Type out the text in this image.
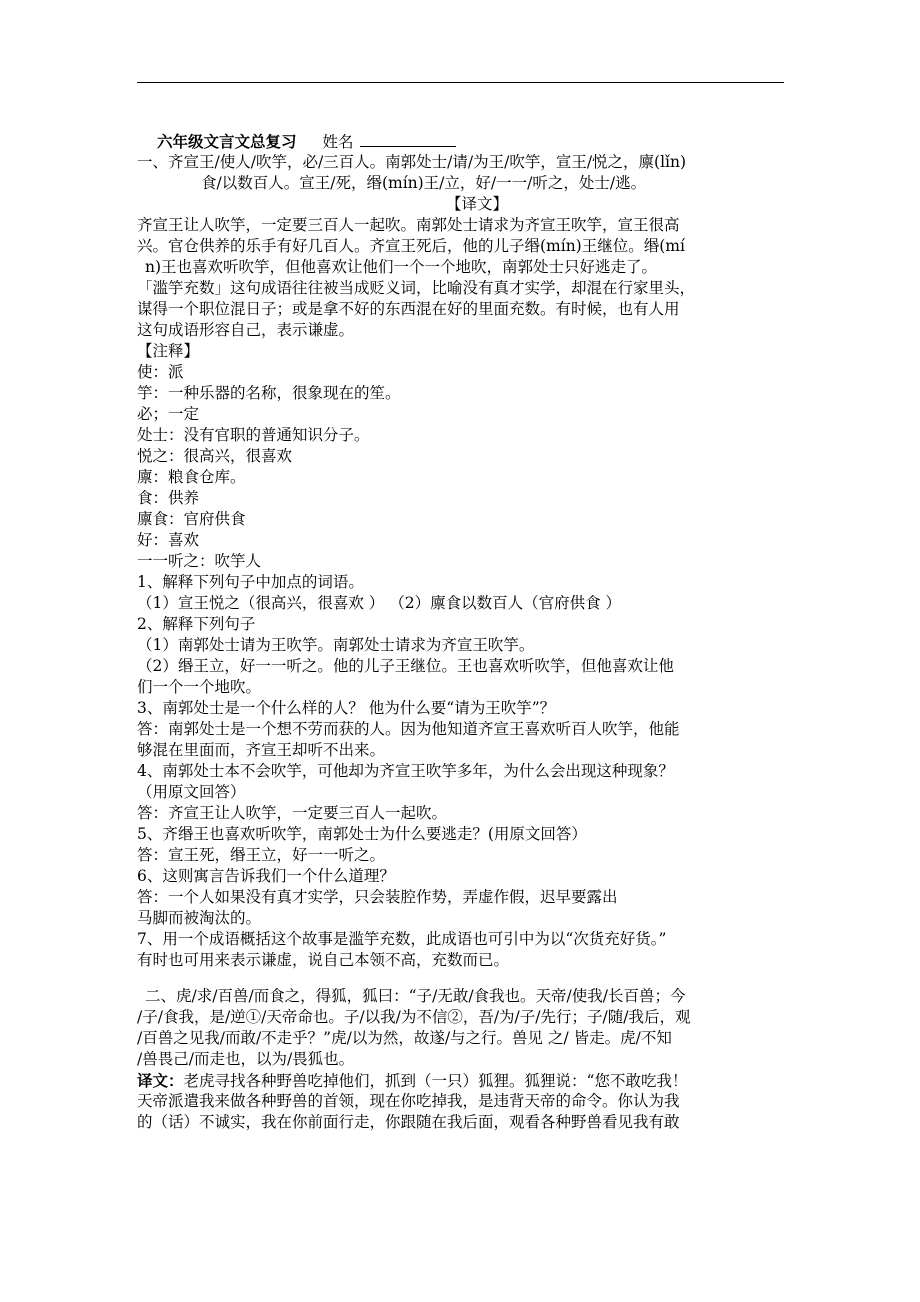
六年级文言文总复习 姓名
一、齐宣王/使人/吹竽，必/三百人。南郭处士/请/为王/吹竽，宣王/悦之，廪(lǐn)
食/以数百人。宣王/死，缗(mín)王/立，好/一一/听之，处士/逃。
【译文】
齐宣王让人吹竽，一定要三百人一起吹。南郭处士请求为齐宣王吹竽，宣王很高
兴。官仓供养的乐手有好几百人。齐宣王死后，他的儿子缗(mín)王继位。缗(mí
n)王也喜欢听吹竽，但他喜欢让他们一个一个地吹，南郭处士只好逃走了。
「滥竽充数」这句成语往往被当成贬义词，比喻没有真才实学，却混在行家里头，
谋得一个职位混日子；或是拿不好的东西混在好的里面充数。有时候，也有人用
这句成语形容自己，表示谦虚。
【注释】
使：派
竽：一种乐器的名称，很象现在的笙。
必；一定
处士：没有官职的普通知识分子。
悦之：很高兴，很喜欢
廪：粮食仓库。
食：供养
廪食：官府供食
好：喜欢
一一听之：吹竽人
1、解释下列句子中加点的词语。
（1）宣王悦之（很高兴，很喜欢 ） （2）廪食以数百人（官府供食 ）
2、解释下列句子
（1）南郭处士请为王吹竽。南郭处士请求为齐宣王吹竽。
（2）缗王立，好一一听之。他的儿子王继位。王也喜欢听吹竽，但他喜欢让他
们一个一个地吹。
3、南郭处士是一个什么样的人？ 他为什么要“请为王吹竽”？
答：南郭处士是一个想不劳而获的人。因为他知道齐宣王喜欢听百人吹竽，他能
够混在里面而，齐宣王却听不出来。
4、南郭处士本不会吹竽，可他却为齐宣王吹竽多年，为什么会出现这种现象？
（用原文回答）
答：齐宣王让人吹竽，一定要三百人一起吹。
5、齐缗王也喜欢听吹竽，南郭处士为什么要逃走？(用原文回答）
答：宣王死，缗王立，好一一听之。
6、这则寓言告诉我们一个什么道理？
答：一个人如果没有真才实学，只会装腔作势，弄虚作假，迟早要露出
马脚而被淘汰的。
7、用一个成语概括这个故事是滥竽充数，此成语也可引中为以“次货充好货。”
有时也可用来表示谦虚，说自己本领不高，充数而已。
二、虎/求/百兽/而食之，得狐，狐曰：“子/无敢/食我也。天帝/使我/长百兽；今
/子/食我，是/逆①/天帝命也。子/以我/为不信②，吾/为/子/先行；子/随/我后，观
/百兽之见我/而敢/不走乎？”虎/以为然，故遂/与之行。兽见 之/ 皆走。虎/不知
/兽畏己/而走也，以为/畏狐也。
译文：老虎寻找各种野兽吃掉他们，抓到（一只）狐狸。狐狸说：“您不敢吃我！
天帝派遣我来做各种野兽的首领，现在你吃掉我，是违背天帝的命令。你认为我
的（话）不诚实，我在你前面行走，你跟随在我后面，观看各种野兽看见我有敢
